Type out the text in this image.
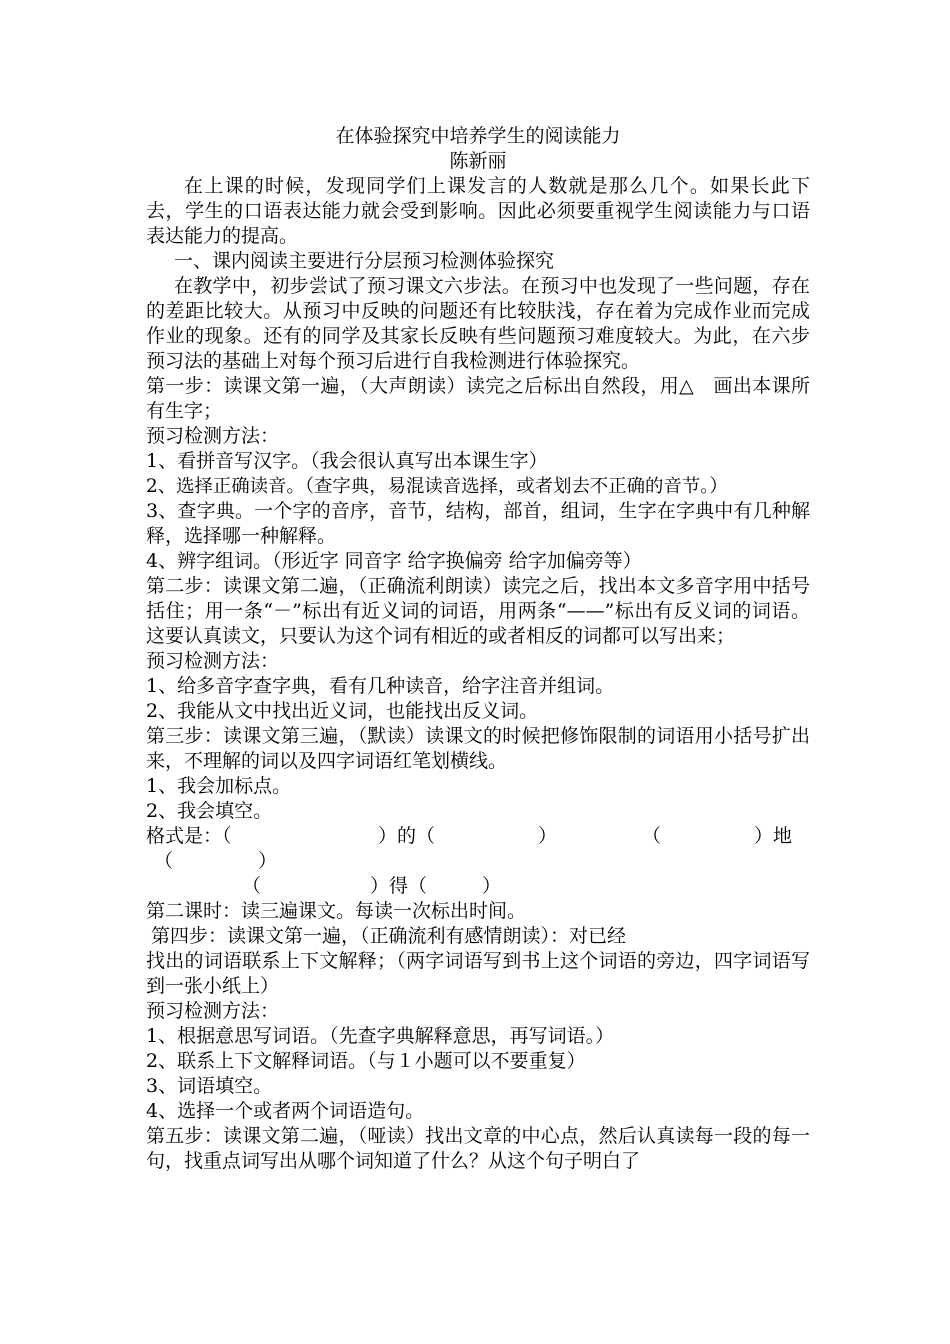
在体验探究中培养学生的阅读能力

陈新丽

在上课的时候，发现同学们上课发言的人数就是那么几个。如果长此下去，学生的口语表达能力就会受到影响。因此必须要重视学生阅读能力与口语表达能力的提高。

一、课内阅读主要进行分层预习检测体验探究

在教学中，初步尝试了预习课文六步法。在预习中也发现了一些问题，存在的差距比较大。从预习中反映的问题还有比较肤浅，存在着为完成作业而完成作业的现象。还有的同学及其家长反映有些问题预习难度较大。为此，在六步预习法的基础上对每个预习后进行自我检测进行体验探究。

第一步：读课文第一遍，（大声朗读）读完之后标出自然段，用△　画出本课所有生字；

预习检测方法：

1、看拼音写汉字。（我会很认真写出本课生字）

2、选择正确读音。（查字典，易混读音选择，或者划去不正确的音节。）

3、查字典。一个字的音序，音节，结构，部首，组词，生字在字典中有几种解释，选择哪一种解释。

4、辨字组词。（形近字 同音字 给字换偏旁 给字加偏旁等）

第二步：读课文第二遍，（正确流利朗读）读完之后，找出本文多音字用中括号括住；用一条“－”标出有近义词的词语，用两条“——”标出有反义词的词语。这要认真读文，只要认为这个词有相近的或者相反的词都可以写出来；

预习检测方法：

1、给多音字查字典，看有几种读音，给字注音并组词。

2、我能从文中找出近义词，也能找出反义词。

第三步：读课文第三遍，（默读）读课文的时候把修饰限制的词语用小括号扩出来，不理解的词以及四字词语红笔划横线。

1、我会加标点。

2、我会填空。

格式是：（	）的（	）	（	）地
（	）
（	）得（	）

第二课时：读三遍课文。每读一次标出时间。

第四步：读课文第一遍，（正确流利有感情朗读）：对已经

找出的词语联系上下文解释；（两字词语写到书上这个词语的旁边，四字词语写到一张小纸上）

预习检测方法：

1、根据意思写词语。（先查字典解释意思，再写词语。）

2、联系上下文解释词语。（与１小题可以不要重复）

3、词语填空。

4、选择一个或者两个词语造句。

第五步：读课文第二遍，（哑读）找出文章的中心点，然后认真读每一段的每一句，找重点词写出从哪个词知道了什么？从这个句子明白了
